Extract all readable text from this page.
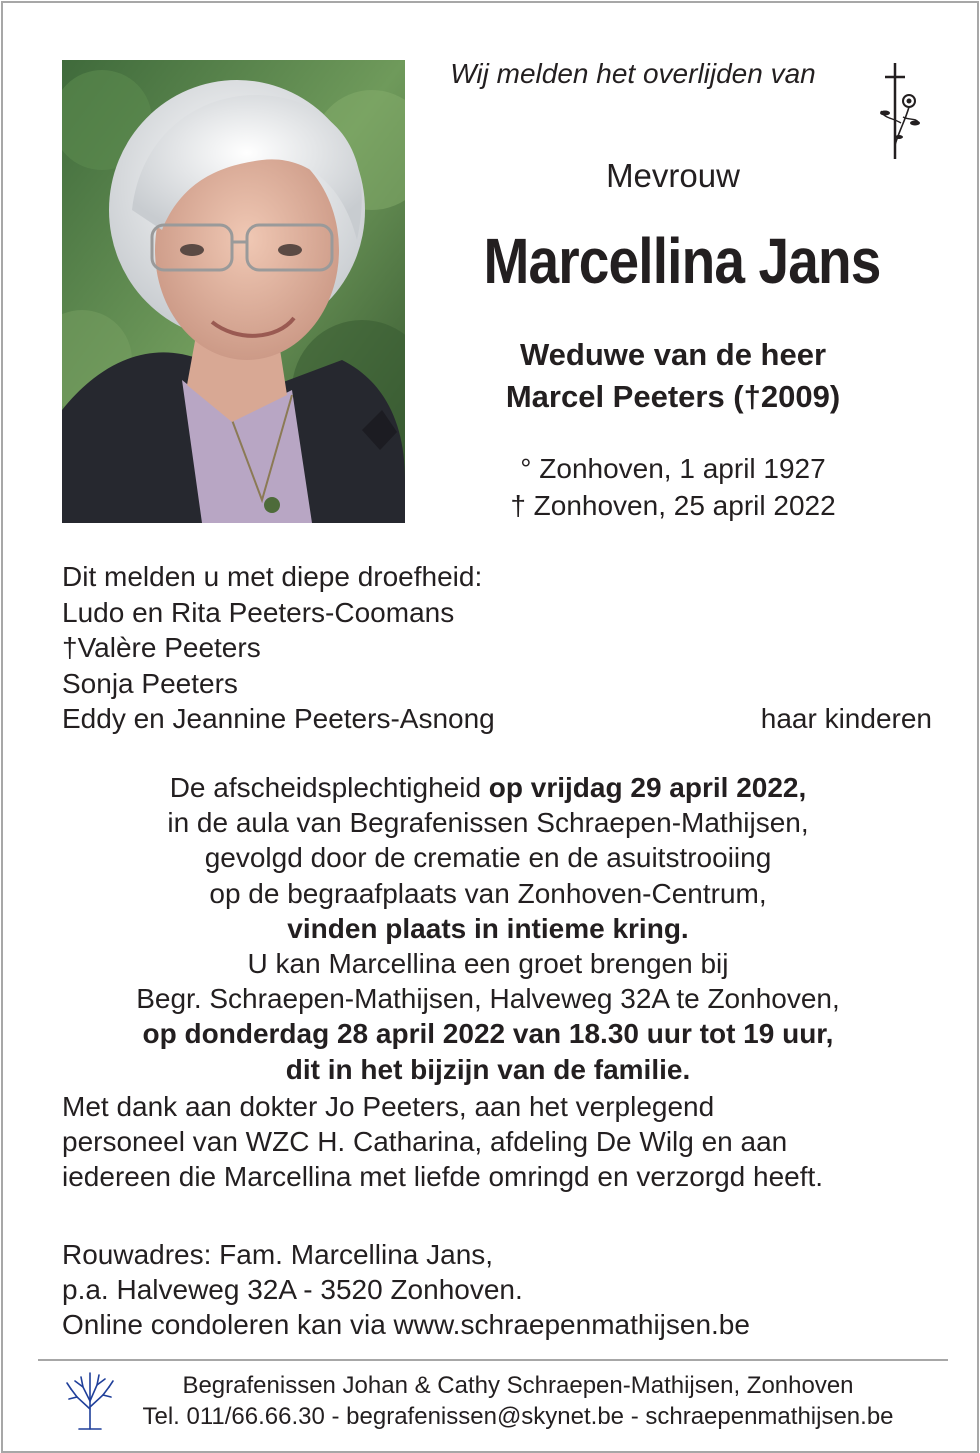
Wij melden het overlijden van
Mevrouw
Marcellina Jans
Weduwe van de heer
Marcel Peeters (†2009)
° Zonhoven, 1 april 1927
† Zonhoven, 25 april 2022
Dit melden u met diepe droefheid:
Ludo en Rita Peeters-Coomans
†Valère Peeters
Sonja Peeters
Eddy en Jeannine Peeters-Asnong	haar kinderen
De afscheidsplechtigheid op vrijdag 29 april 2022,
in de aula van Begrafenissen Schraepen-Mathijsen,
gevolgd door de crematie en de asuitstrooiing
op de begraafplaats van Zonhoven-Centrum,
vinden plaats in intieme kring.
U kan Marcellina een groet brengen bij
Begr. Schraepen-Mathijsen, Halveweg 32A te Zonhoven,
op donderdag 28 april 2022 van 18.30 uur tot 19 uur,
dit in het bijzijn van de familie.
Met dank aan dokter Jo Peeters, aan het verplegend
personeel van WZC H. Catharina, afdeling De Wilg en aan
iedereen die Marcellina met liefde omringd en verzorgd heeft.
Rouwadres: Fam. Marcellina Jans,
p.a. Halveweg 32A - 3520 Zonhoven.
Online condoleren kan via www.schraepenmathijsen.be
Begrafenissen Johan & Cathy Schraepen-Mathijsen, Zonhoven
Tel. 011/66.66.30 - begrafenissen@skynet.be - schraepenmathijsen.be
